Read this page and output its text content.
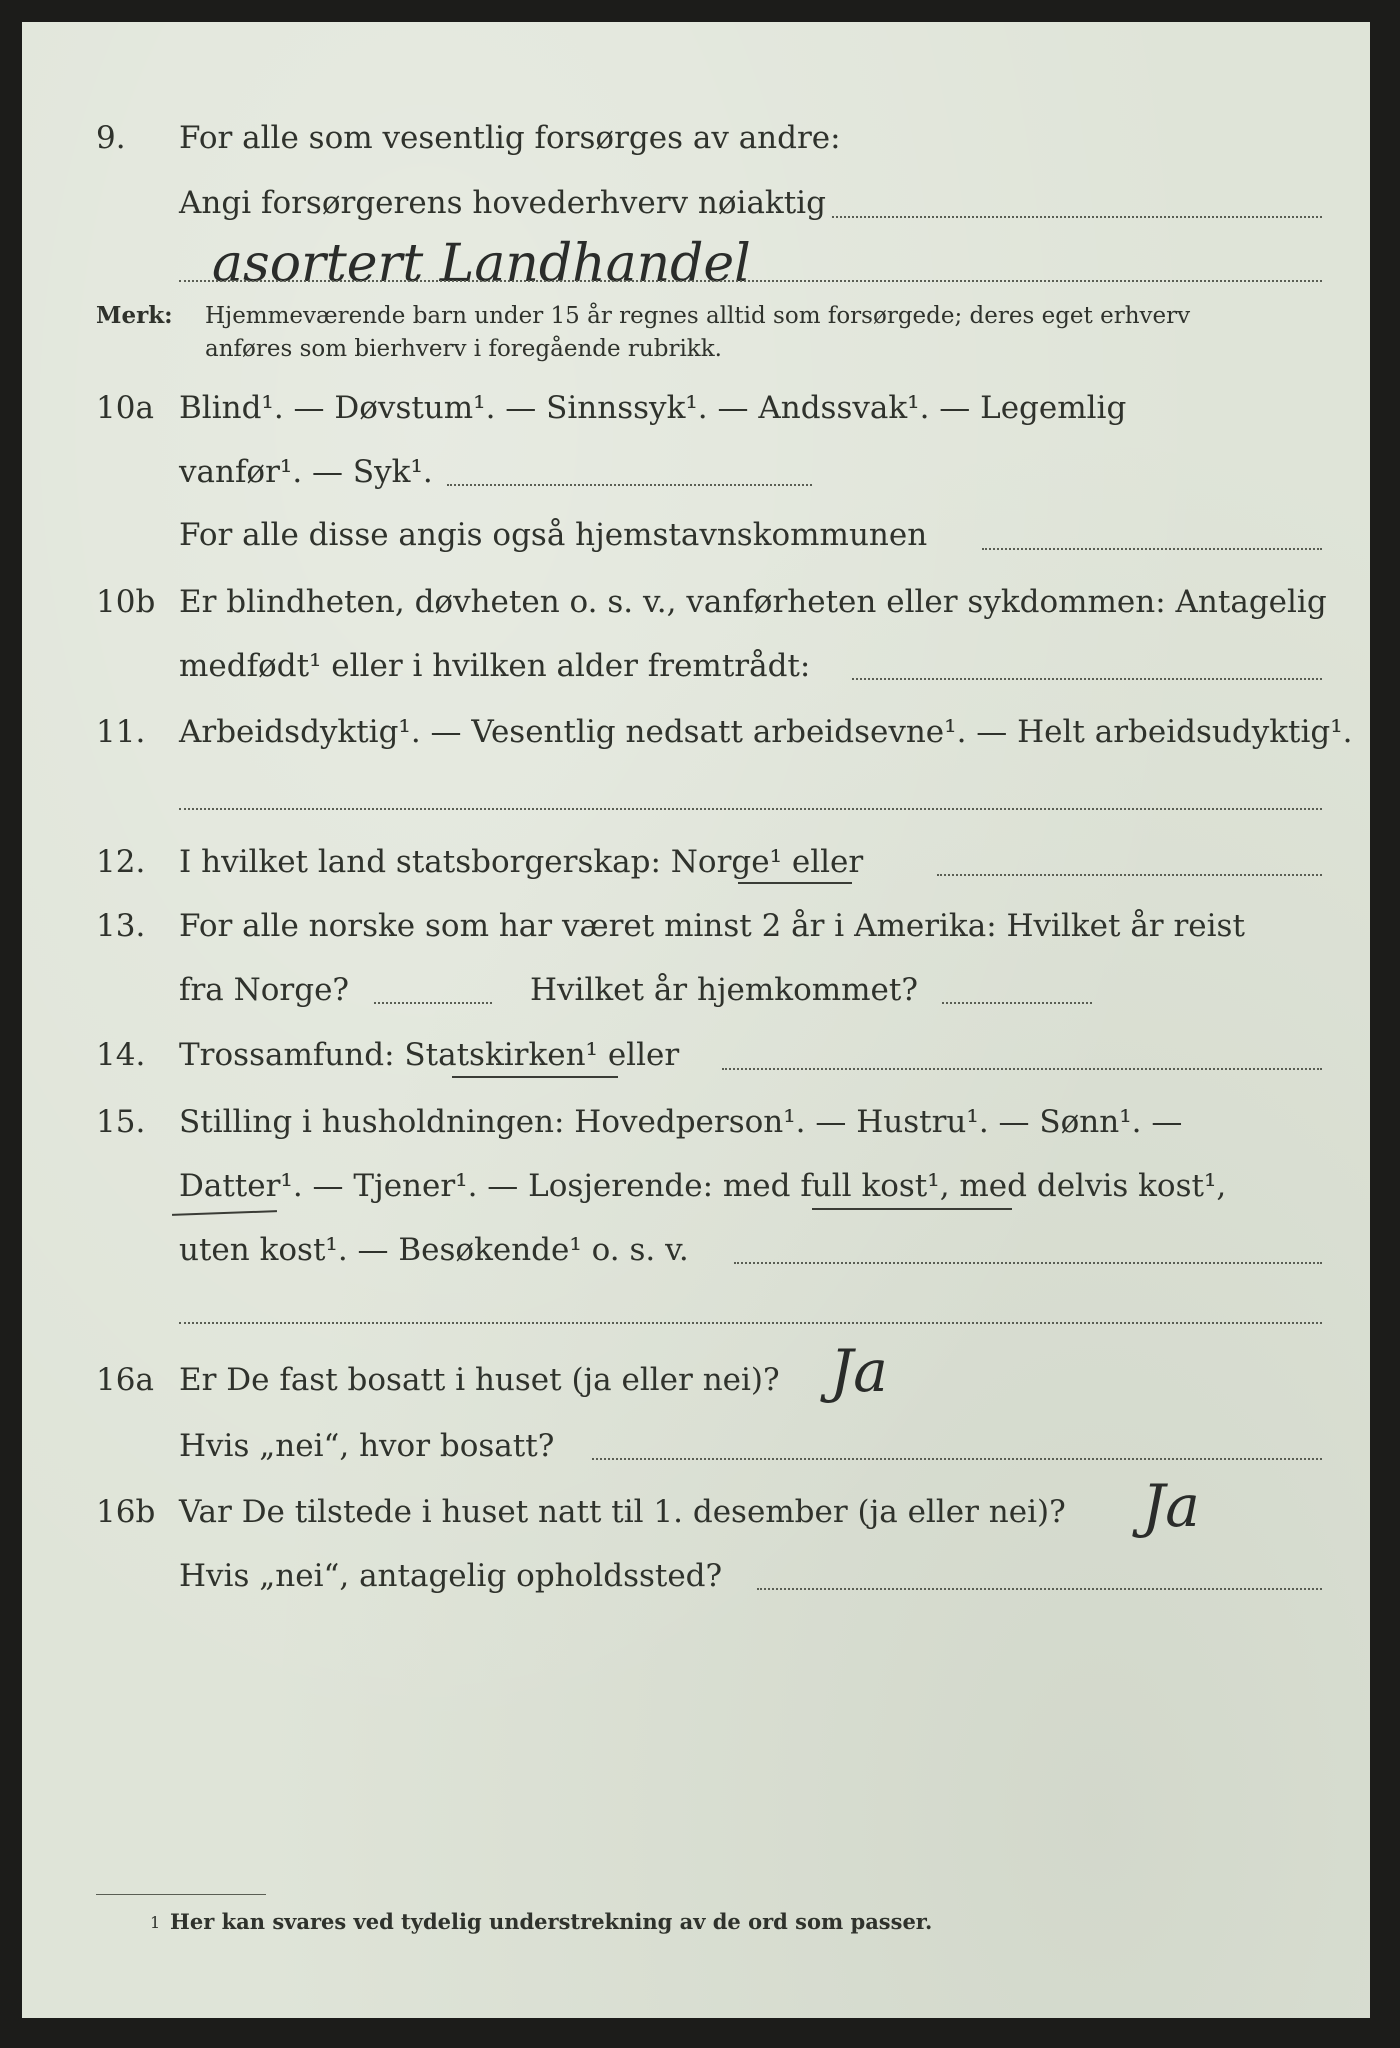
9. For alle som vesentlig forsørges av andre:
Angi forsørgerens hovederhverv nøiaktig
asortert Landhandel
Merk: Hjemmeværende barn under 15 år regnes alltid som forsørgede; deres eget erhverv
anføres som bierhverv i foregående rubrikk.
10a Blind¹. — Døvstum¹. — Sinnssyk¹. — Andssvak¹. — Legemlig
vanfør¹. — Syk¹.
For alle disse angis også hjemstavnskommunen
10b Er blindheten, døvheten o. s. v., vanførheten eller sykdommen: Antagelig
medfødt¹ eller i hvilken alder fremtrådt:
11. Arbeidsdyktig¹. — Vesentlig nedsatt arbeidsevne¹. — Helt arbeidsudyktig¹.
12. I hvilket land statsborgerskap: Norge¹ eller
13. For alle norske som har været minst 2 år i Amerika: Hvilket år reist
fra Norge?	Hvilket år hjemkommet?
14. Trossamfund: Statskirken¹ eller
15. Stilling i husholdningen: Hovedperson¹. — Hustru¹. — Sønn¹. —
Datter¹. — Tjener¹. — Losjerende: med full kost¹, med delvis kost¹,
uten kost¹. — Besøkende¹ o. s. v.
16a Er De fast bosatt i huset (ja eller nei)? Ja
Hvis „nei“, hvor bosatt?
16b Var De tilstede i huset natt til 1. desember (ja eller nei)? Ja
Hvis „nei“, antagelig opholdssted?
1 Her kan svares ved tydelig understrekning av de ord som passer.
